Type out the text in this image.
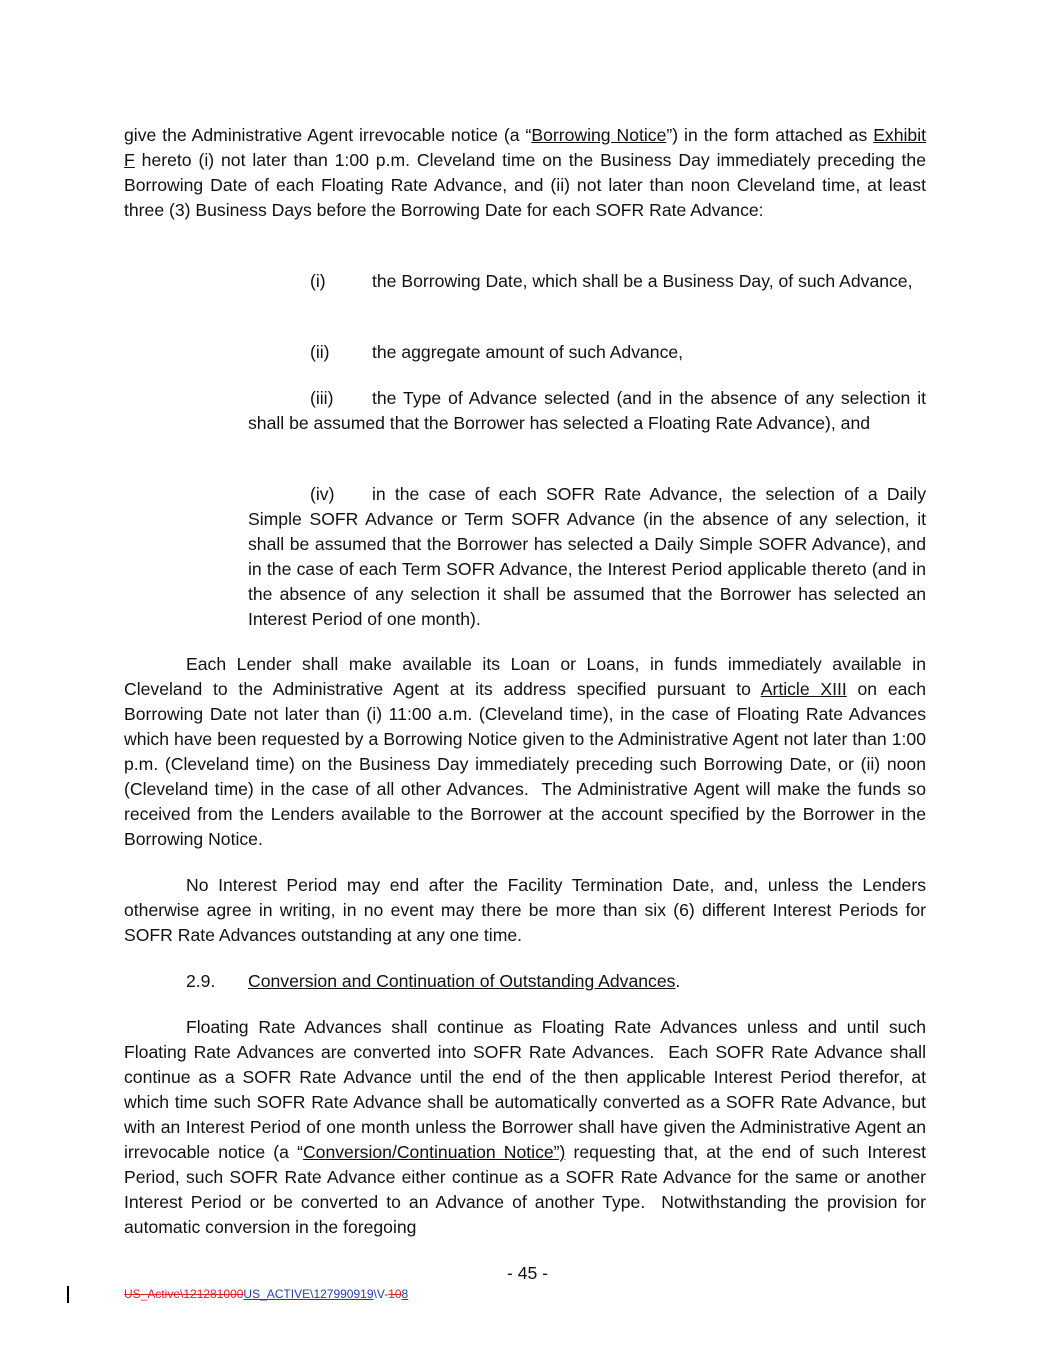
give the Administrative Agent irrevocable notice (a “Borrowing Notice”) in the form attached as Exhibit F hereto (i) not later than 1:00 p.m. Cleveland time on the Business Day immediately preceding the Borrowing Date of each Floating Rate Advance, and (ii) not later than noon Cleveland time, at least three (3) Business Days before the Borrowing Date for each SOFR Rate Advance:

(i)	the Borrowing Date, which shall be a Business Day, of such Advance,

(ii) the aggregate amount of such Advance,

(iii) the Type of Advance selected (and in the absence of any selection it shall be assumed that the Borrower has selected a Floating Rate Advance), and

(iv) in the case of each SOFR Rate Advance, the selection of a Daily Simple SOFR Advance or Term SOFR Advance (in the absence of any selection, it shall be assumed that the Borrower has selected a Daily Simple SOFR Advance), and in the case of each Term SOFR Advance, the Interest Period applicable thereto (and in the absence of any selection it shall be assumed that the Borrower has selected an Interest Period of one month).

Each Lender shall make available its Loan or Loans, in funds immediately available in Cleveland to the Administrative Agent at its address specified pursuant to Article XIII on each Borrowing Date not later than (i) 11:00 a.m. (Cleveland time), in the case of Floating Rate Advances which have been requested by a Borrowing Notice given to the Administrative Agent not later than 1:00 p.m. (Cleveland time) on the Business Day immediately preceding such Borrowing Date, or (ii) noon (Cleveland time) in the case of all other Advances.  The Administrative Agent will make the funds so received from the Lenders available to the Borrower at the account specified by the Borrower in the Borrowing Notice.

No Interest Period may end after the Facility Termination Date, and, unless the Lenders otherwise agree in writing, in no event may there be more than six (6) different Interest Periods for SOFR Rate Advances outstanding at any one time.

2.9. Conversion and Continuation of Outstanding Advances.

Floating Rate Advances shall continue as Floating Rate Advances unless and until such Floating Rate Advances are converted into SOFR Rate Advances.  Each SOFR Rate Advance shall continue as a SOFR Rate Advance until the end of the then applicable Interest Period therefor, at which time such SOFR Rate Advance shall be automatically converted as a SOFR Rate Advance, but with an Interest Period of one month unless the Borrower shall have given the Administrative Agent an irrevocable notice (a “Conversion/Continuation Notice”) requesting that, at the end of such Interest Period, such SOFR Rate Advance either continue as a SOFR Rate Advance for the same or another Interest Period or be converted to an Advance of another Type.  Notwithstanding the provision for automatic conversion in the foregoing

- 45 -

US_Active\121281000US_ACTIVE\127990919\V-108
